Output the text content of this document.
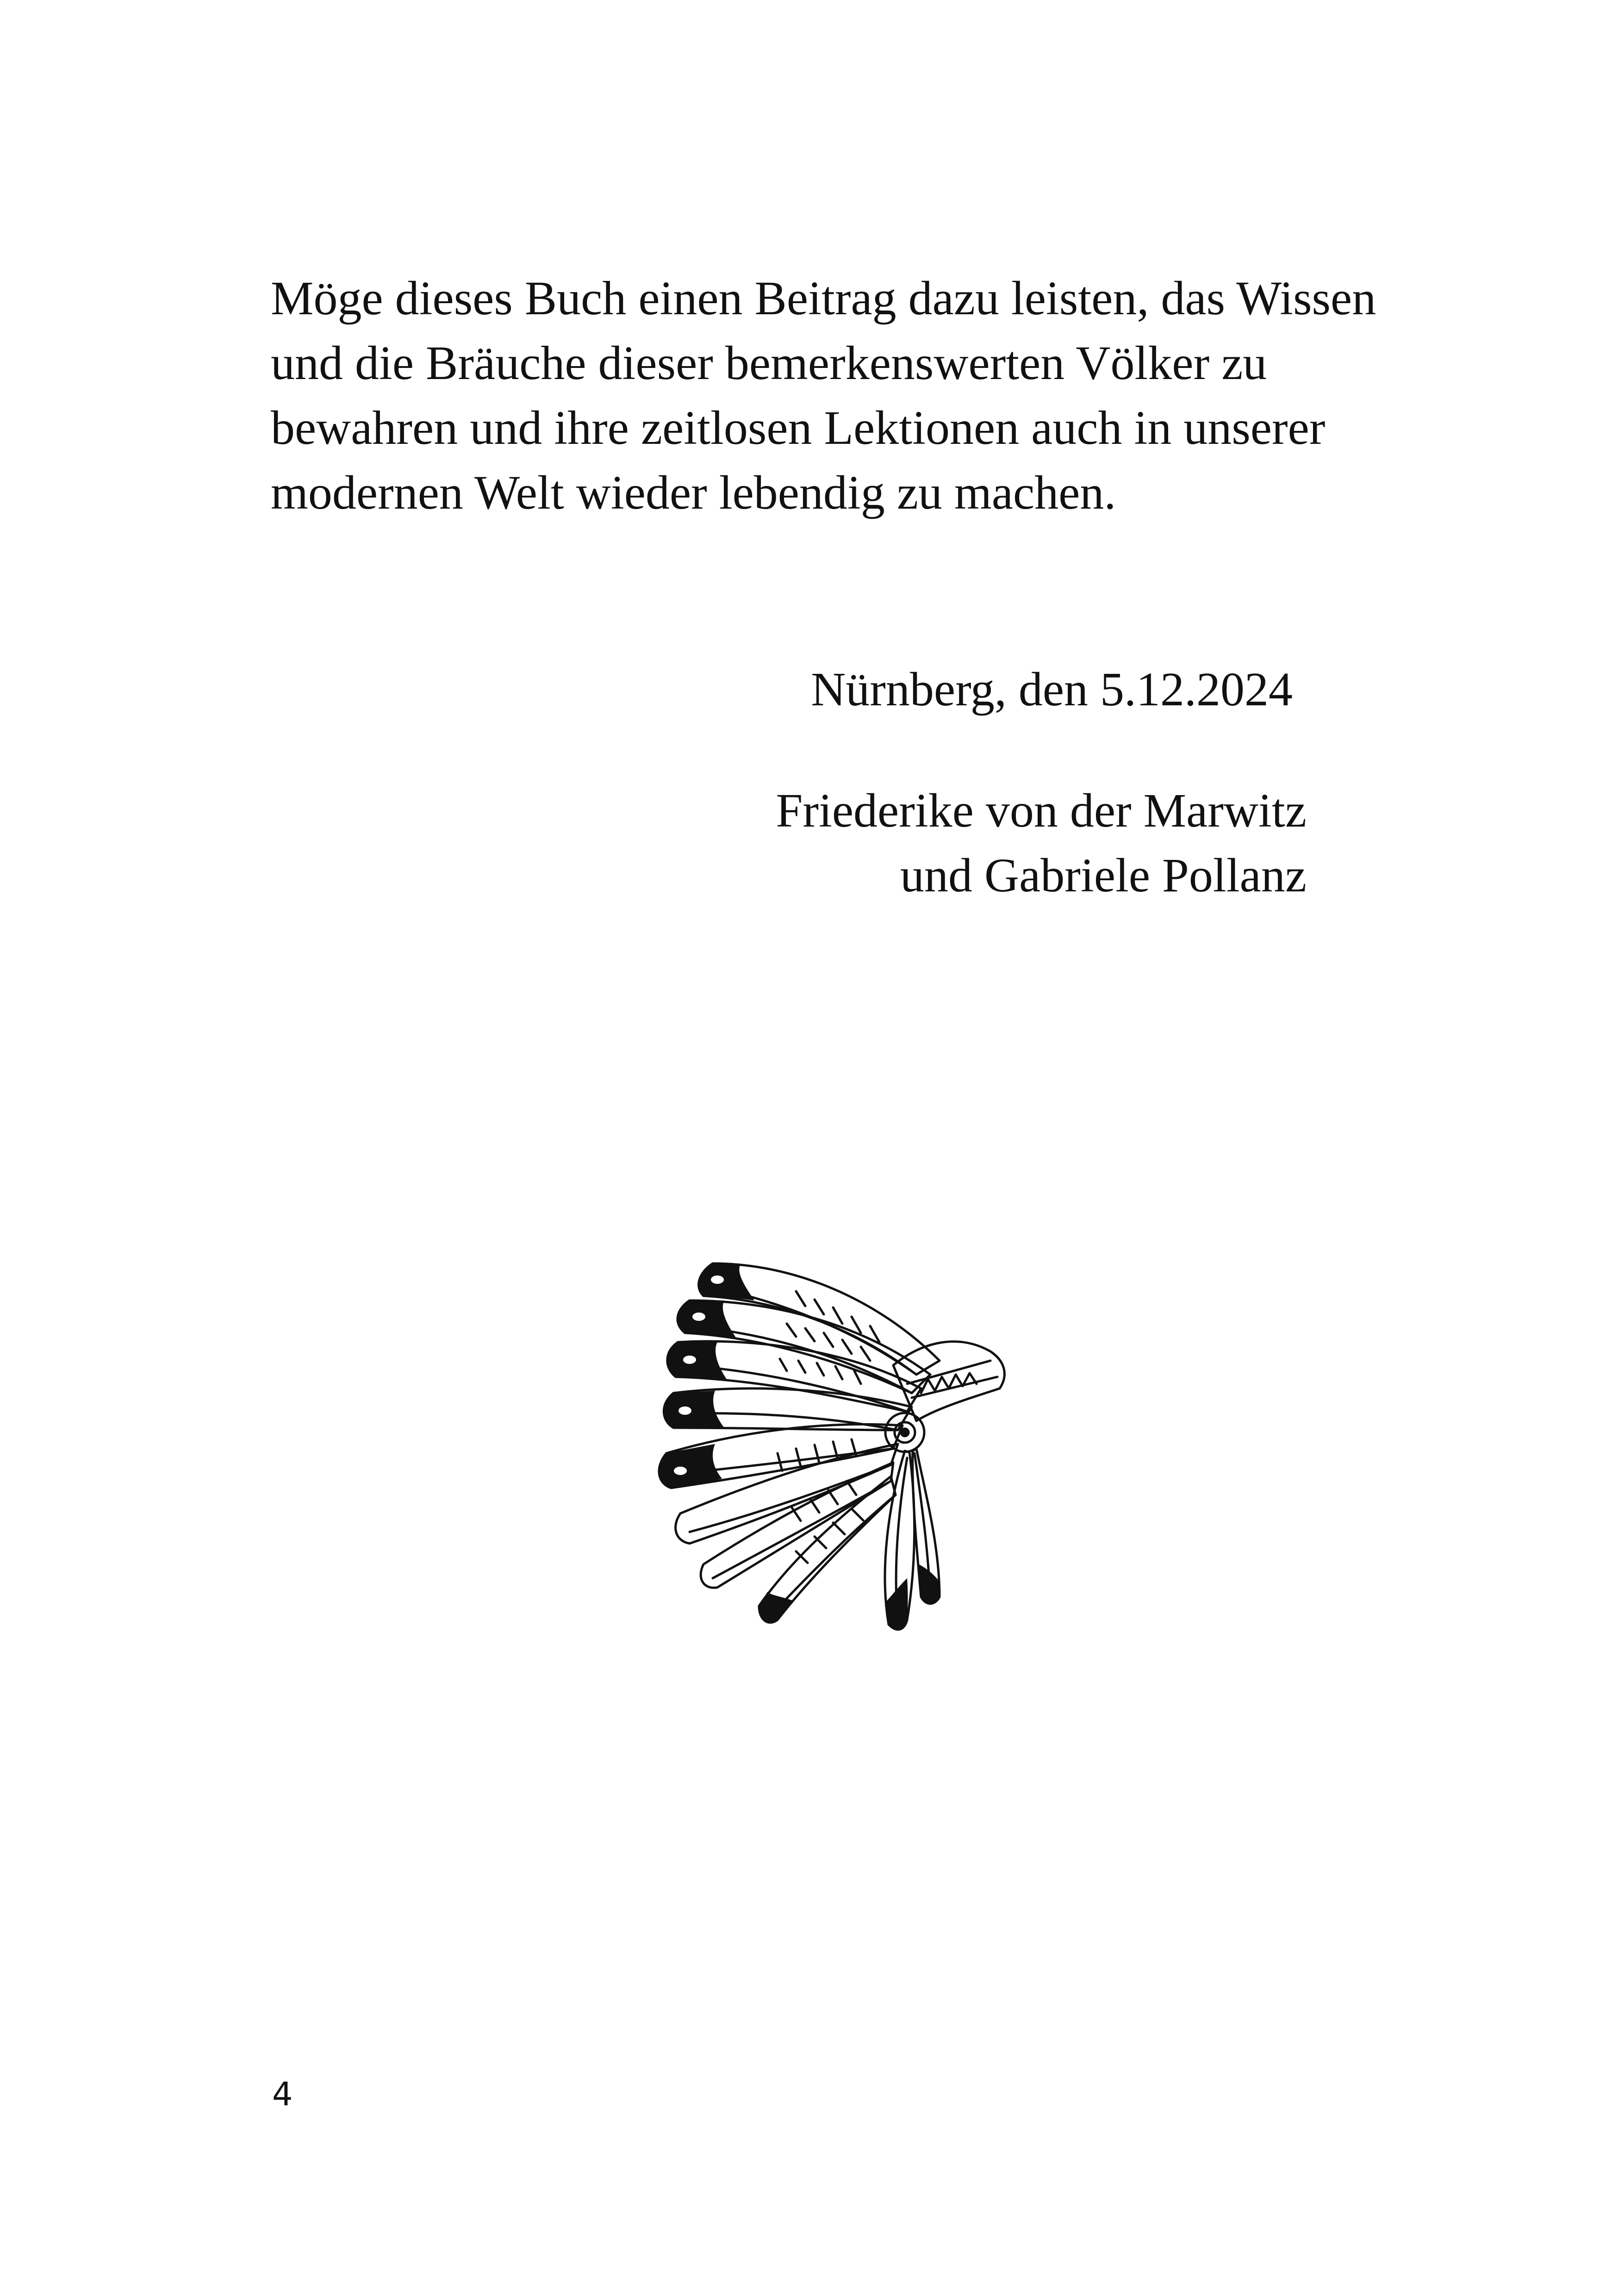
Möge dieses Buch einen Beitrag dazu leisten, das Wissen
und die Bräuche dieser bemerkenswerten Völker zu
bewahren und ihre zeitlosen Lektionen auch in unserer
modernen Welt wieder lebendig zu machen.

Nürnberg, den 5.12.2024

Friederike von der Marwitz
und Gabriele Pollanz

4
